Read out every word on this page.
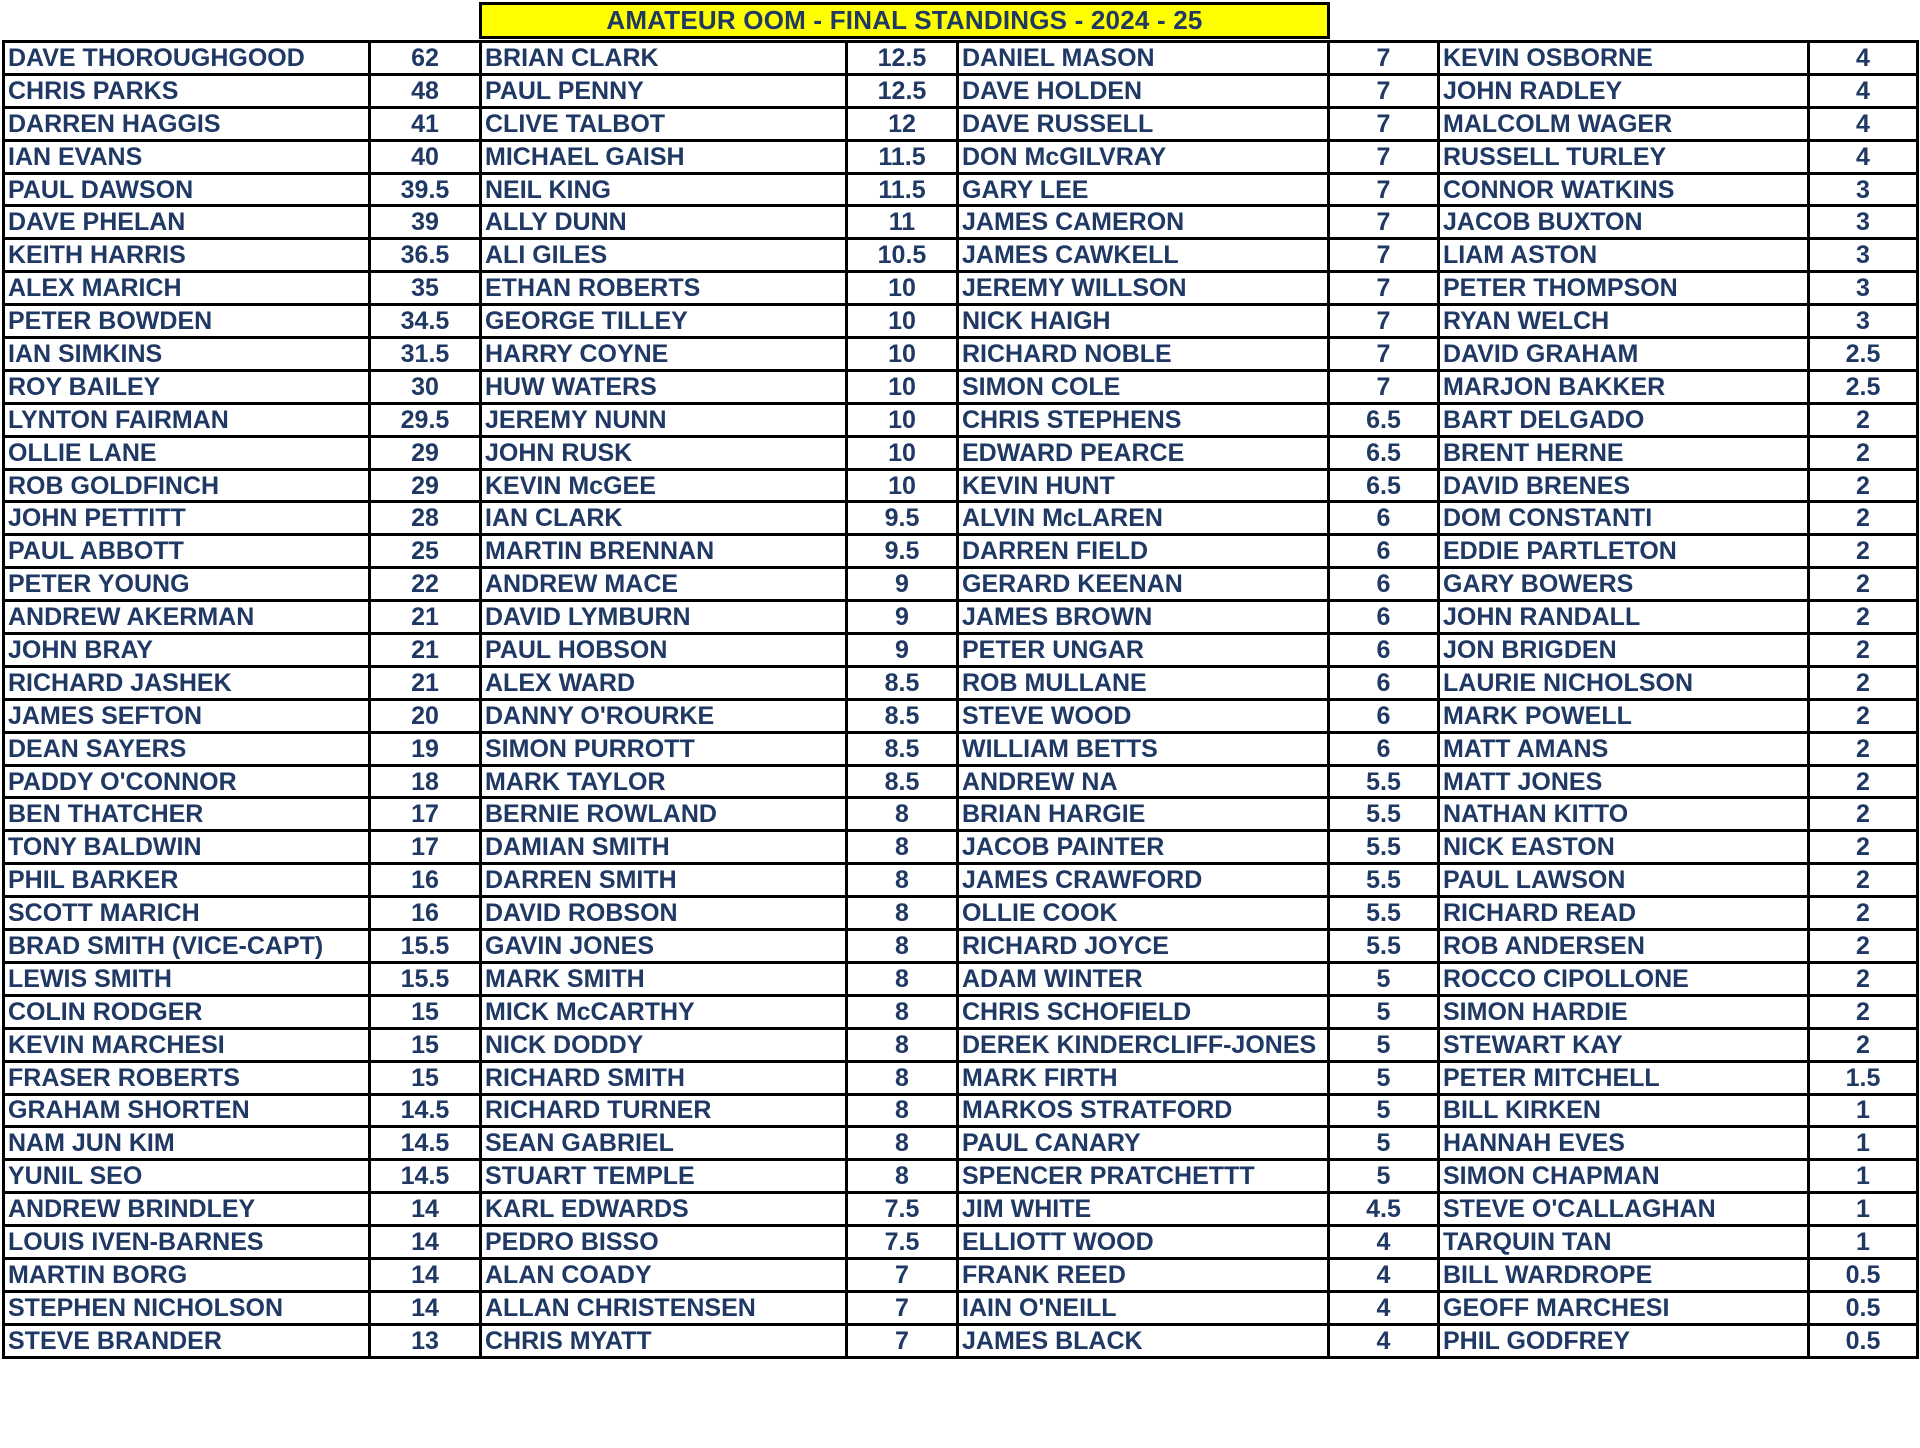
AMATEUR OOM - FINAL STANDINGS - 2024 - 25
DAVE THOROUGHGOOD	62	BRIAN CLARK	12.5	DANIEL MASON	7	KEVIN OSBORNE	4
CHRIS PARKS	48	PAUL PENNY	12.5	DAVE HOLDEN	7	JOHN RADLEY	4
DARREN HAGGIS	41	CLIVE TALBOT	12	DAVE RUSSELL	7	MALCOLM WAGER	4
IAN EVANS	40	MICHAEL GAISH	11.5	DON McGILVRAY	7	RUSSELL TURLEY	4
PAUL DAWSON	39.5	NEIL KING	11.5	GARY LEE	7	CONNOR WATKINS	3
DAVE PHELAN	39	ALLY DUNN	11	JAMES CAMERON	7	JACOB BUXTON	3
KEITH HARRIS	36.5	ALI GILES	10.5	JAMES CAWKELL	7	LIAM ASTON	3
ALEX MARICH	35	ETHAN ROBERTS	10	JEREMY WILLSON	7	PETER THOMPSON	3
PETER BOWDEN	34.5	GEORGE TILLEY	10	NICK HAIGH	7	RYAN WELCH	3
IAN SIMKINS	31.5	HARRY COYNE	10	RICHARD NOBLE	7	DAVID GRAHAM	2.5
ROY BAILEY	30	HUW WATERS	10	SIMON COLE	7	MARJON BAKKER	2.5
LYNTON FAIRMAN	29.5	JEREMY NUNN	10	CHRIS STEPHENS	6.5	BART DELGADO	2
OLLIE LANE	29	JOHN RUSK	10	EDWARD PEARCE	6.5	BRENT HERNE	2
ROB GOLDFINCH	29	KEVIN McGEE	10	KEVIN HUNT	6.5	DAVID BRENES	2
JOHN PETTITT	28	IAN CLARK	9.5	ALVIN McLAREN	6	DOM CONSTANTI	2
PAUL ABBOTT	25	MARTIN BRENNAN	9.5	DARREN FIELD	6	EDDIE PARTLETON	2
PETER YOUNG	22	ANDREW MACE	9	GERARD KEENAN	6	GARY BOWERS	2
ANDREW AKERMAN	21	DAVID LYMBURN	9	JAMES BROWN	6	JOHN RANDALL	2
JOHN BRAY	21	PAUL HOBSON	9	PETER UNGAR	6	JON BRIGDEN	2
RICHARD JASHEK	21	ALEX WARD	8.5	ROB MULLANE	6	LAURIE NICHOLSON	2
JAMES SEFTON	20	DANNY O'ROURKE	8.5	STEVE WOOD	6	MARK POWELL	2
DEAN SAYERS	19	SIMON PURROTT	8.5	WILLIAM BETTS	6	MATT AMANS	2
PADDY O'CONNOR	18	MARK TAYLOR	8.5	ANDREW NA	5.5	MATT JONES	2
BEN THATCHER	17	BERNIE ROWLAND	8	BRIAN HARGIE	5.5	NATHAN KITTO	2
TONY BALDWIN	17	DAMIAN SMITH	8	JACOB PAINTER	5.5	NICK EASTON	2
PHIL BARKER	16	DARREN SMITH	8	JAMES CRAWFORD	5.5	PAUL LAWSON	2
SCOTT MARICH	16	DAVID ROBSON	8	OLLIE COOK	5.5	RICHARD READ	2
BRAD SMITH (VICE-CAPT)	15.5	GAVIN JONES	8	RICHARD JOYCE	5.5	ROB ANDERSEN	2
LEWIS SMITH	15.5	MARK SMITH	8	ADAM WINTER	5	ROCCO CIPOLLONE	2
COLIN RODGER	15	MICK McCARTHY	8	CHRIS SCHOFIELD	5	SIMON HARDIE	2
KEVIN MARCHESI	15	NICK DODDY	8	DEREK KINDERCLIFF-JONES	5	STEWART KAY	2
FRASER ROBERTS	15	RICHARD SMITH	8	MARK FIRTH	5	PETER MITCHELL	1.5
GRAHAM SHORTEN	14.5	RICHARD TURNER	8	MARKOS STRATFORD	5	BILL KIRKEN	1
NAM JUN KIM	14.5	SEAN GABRIEL	8	PAUL CANARY	5	HANNAH EVES	1
YUNIL SEO	14.5	STUART TEMPLE	8	SPENCER PRATCHETTT	5	SIMON CHAPMAN	1
ANDREW BRINDLEY	14	KARL EDWARDS	7.5	JIM WHITE	4.5	STEVE O'CALLAGHAN	1
LOUIS IVEN-BARNES	14	PEDRO BISSO	7.5	ELLIOTT WOOD	4	TARQUIN TAN	1
MARTIN BORG	14	ALAN COADY	7	FRANK REED	4	BILL WARDROPE	0.5
STEPHEN NICHOLSON	14	ALLAN CHRISTENSEN	7	IAIN O'NEILL	4	GEOFF MARCHESI	0.5
STEVE BRANDER	13	CHRIS MYATT	7	JAMES BLACK	4	PHIL GODFREY	0.5
